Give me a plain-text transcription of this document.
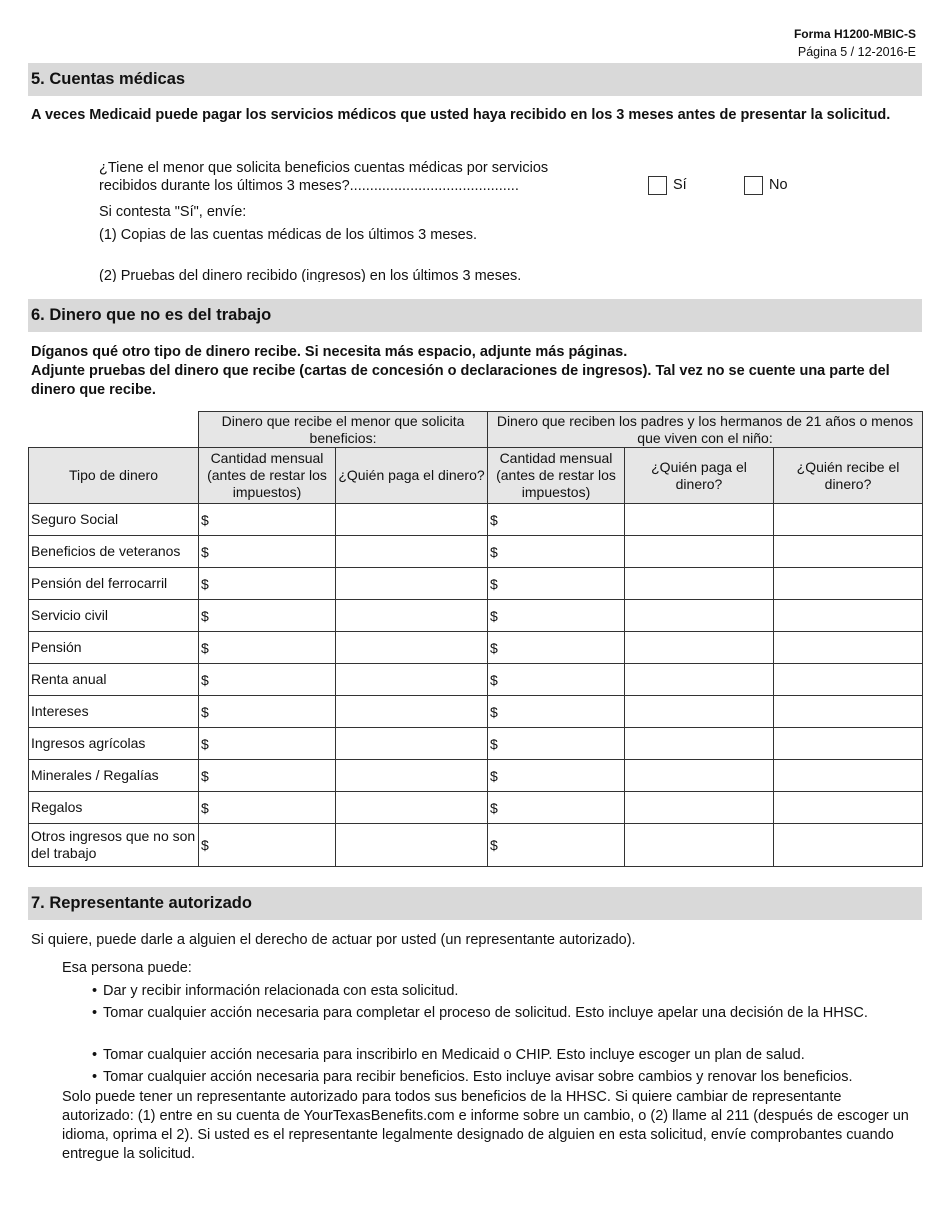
Forma H1200-MBIC-S
Página 5 / 12-2016-E
5. Cuentas médicas
A veces Medicaid puede pagar los servicios médicos que usted haya recibido en los 3 meses antes de presentar la solicitud.
¿Tiene el menor que solicita beneficios cuentas médicas por servicios
recibidos durante los últimos 3 meses?..........................................	Sí	No
Si contesta "Sí", envíe:
(1) Copias de las cuentas médicas de los últimos 3 meses.
(2) Pruebas del dinero recibido (ingresos) en los últimos 3 meses.
6. Dinero que no es del trabajo
Díganos qué otro tipo de dinero recibe. Si necesita más espacio, adjunte más páginas.
Adjunte pruebas del dinero que recibe (cartas de concesión o declaraciones de ingresos). Tal vez no se cuente una parte del dinero que recibe.
	Dinero que recibe el menor que solicita beneficios:		Dinero que reciben los padres y los hermanos de 21 años o menos que viven con el niño:		
Tipo de dinero	Cantidad mensual (antes de restar los impuestos)	¿Quién paga el dinero?	Cantidad mensual (antes de restar los impuestos)	¿Quién paga el dinero?	¿Quién recibe el dinero?
Seguro Social	$		$		
Beneficios de veteranos	$		$		
Pensión del ferrocarril	$		$		
Servicio civil	$		$		
Pensión	$		$		
Renta anual	$		$		
Intereses	$		$		
Ingresos agrícolas	$		$		
Minerales / Regalías	$		$		
Regalos	$		$		
Otros ingresos que no son del trabajo	$		$		
7. Representante autorizado
Si quiere, puede darle a alguien el derecho de actuar por usted (un representante autorizado).
Esa persona puede:
• Dar y recibir información relacionada con esta solicitud.
• Tomar cualquier acción necesaria para completar el proceso de solicitud. Esto incluye apelar una decisión de la HHSC.
• Tomar cualquier acción necesaria para inscribirlo en Medicaid o CHIP. Esto incluye escoger un plan de salud.
• Tomar cualquier acción necesaria para recibir beneficios. Esto incluye avisar sobre cambios y renovar los beneficios.
Solo puede tener un representante autorizado para todos sus beneficios de la HHSC. Si quiere cambiar de representante autorizado: (1) entre en su cuenta de YourTexasBenefits.com e informe sobre un cambio, o (2) llame al 211 (después de escoger un idioma, oprima el 2). Si usted es el representante legalmente designado de alguien en esta solicitud, envíe comprobantes cuando entregue la solicitud.
